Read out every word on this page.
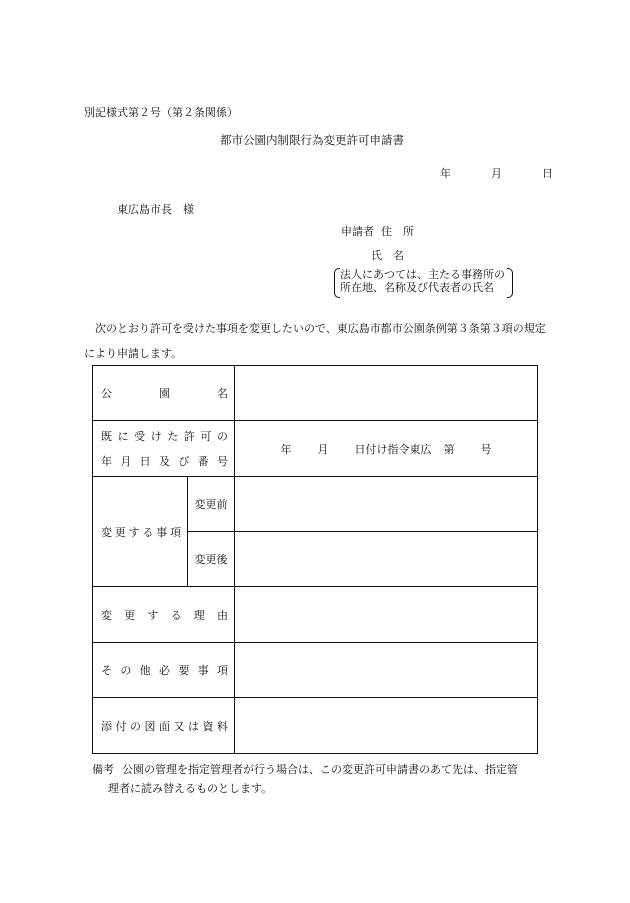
別記様式第２号（第２条関係）
都市公園内制限行為変更許可申請書
年	月	日
東広島市長　様
申請者 住　所
氏　名
法人にあつては、主たる事務所の
所在地、名称及び代表者の氏名
次のとおり許可を受けた事項を変更したいので、東広島市都市公園条例第３条第３項の規定により申請します。
公園名		

既に受けた許可の
年月日及び番号		年 月 日付け指令東広 第 号
変更する事項	変更前	
	変更後	
変更する理由		
その他必要事項		
添付の図面又は資料		
備考 公園の管理を指定管理者が行う場合は、この変更許可申請書のあて先は、指定管
理者に読み替えるものとします。
